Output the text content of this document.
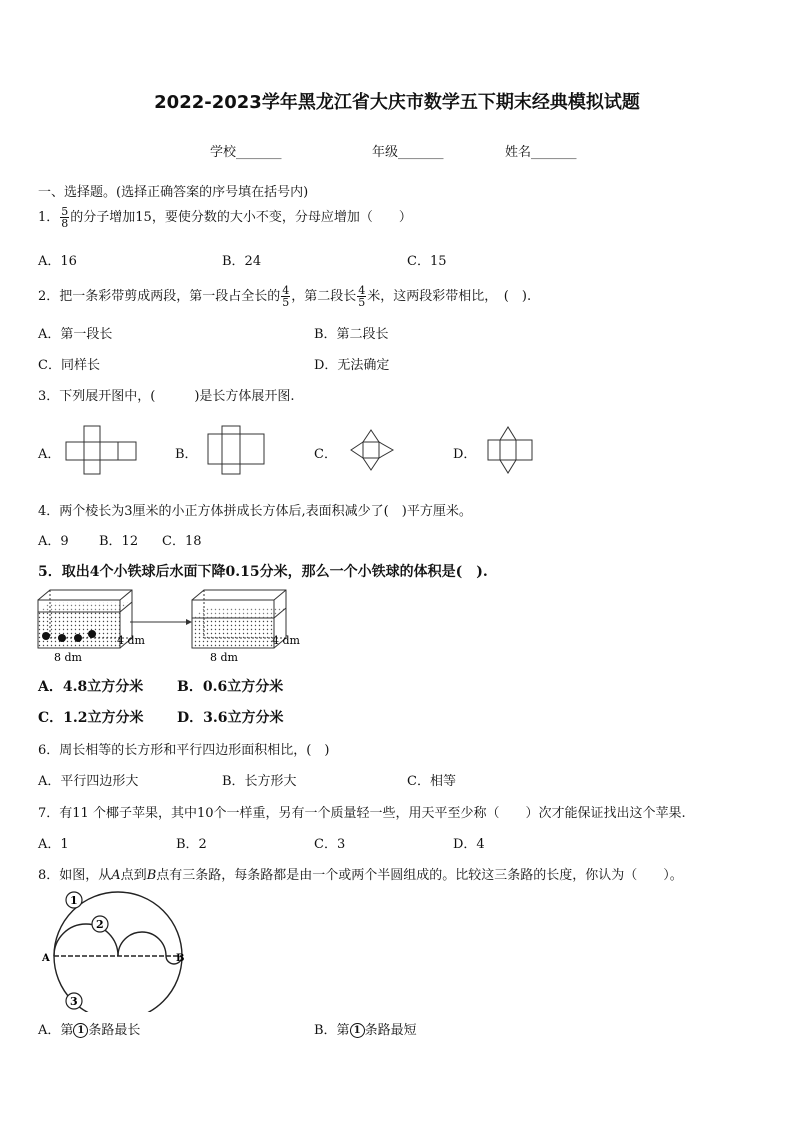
2022-2023学年黑龙江省大庆市数学五下期末经典模拟试题
学校_______	年级_______	姓名_______
一、选择题。(选择正确答案的序号填在括号内)
1． $\frac{5}{8}$ 的分子增加15，要使分数的大小不变，分母应增加（　　）
A．16	B．24	C．15
2．把一条彩带剪成两段，第一段占全长的 $\frac{4}{5}$ ，第二段长 $\frac{4}{5}$ 米，这两段彩带相比，　(　).
A．第一段长	B．第二段长
C．同样长	D．无法确定
3．下列展开图中，(　　　)是长方体展开图.
A．	B．	C．	D．
4．两个棱长为3厘米的小正方体拼成长方体后,表面积减少了(　)平方厘米。
A．9 B．12 C．18
5．取出4个小铁球后水面下降0.15分米，那么一个小铁球的体积是(　).
8 dm
4 dm
8 dm
4 dm
A．4.8立方分米 B．0.6立方分米
C．1.2立方分米 D．3.6立方分米
6．周长相等的长方形和平行四边形面积相比，(　)
A．平行四边形大	B．长方形大	C．相等
7．有11 个椰子苹果，其中10个一样重，另有一个质量轻一些，用天平至少称（　　）次才能保证找出这个苹果.
A．1	B．2	C．3	D．4
8．如图，从A点到B点有三条路，每条路都是由一个或两个半圆组成的。比较这三条路的长度，你认为（　　）。
A	B
1
2
3
A．第 1 条路最长	B．第 1 条路最短
